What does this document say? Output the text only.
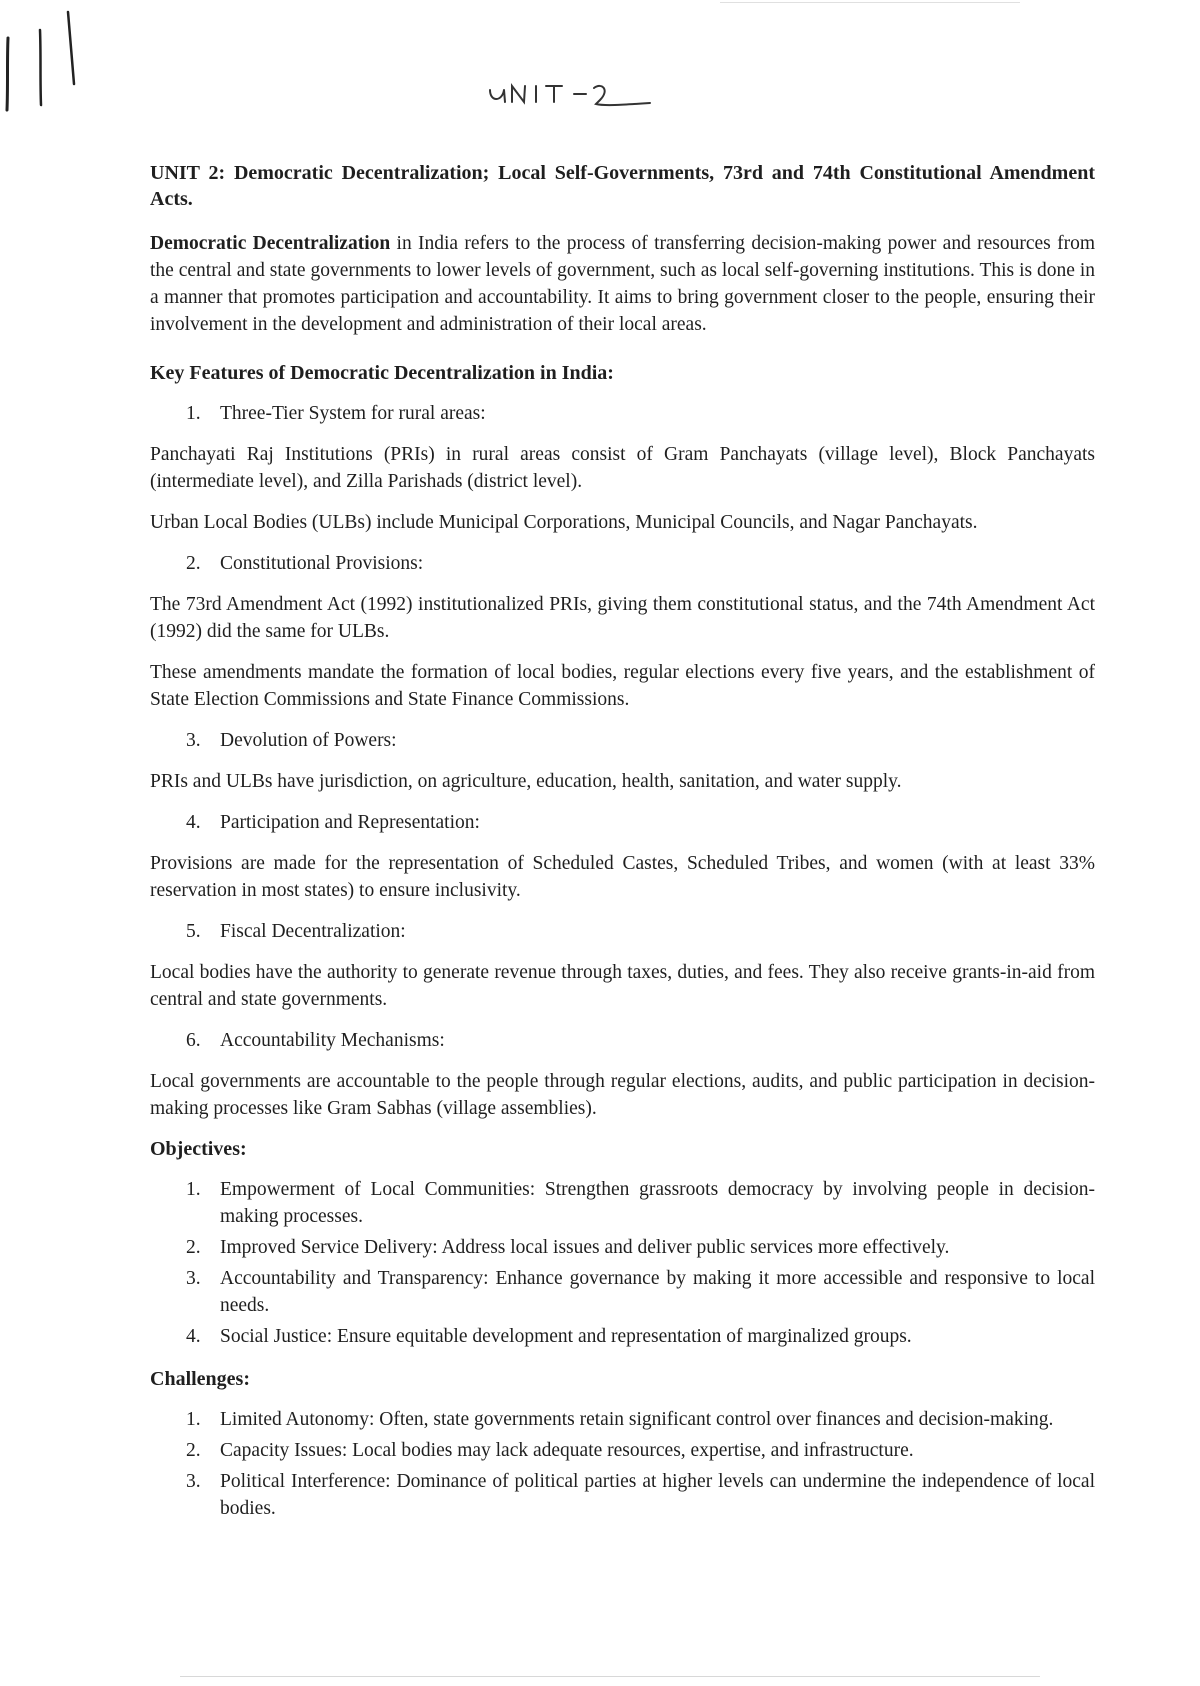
UNIT 2: Democratic Decentralization; Local Self-Governments, 73rd and 74th Constitutional Amendment Acts.

Democratic Decentralization in India refers to the process of transferring decision-making power and resources from the central and state governments to lower levels of government, such as local self-governing institutions. This is done in a manner that promotes participation and accountability. It aims to bring government closer to the people, ensuring their involvement in the development and administration of their local areas.

Key Features of Democratic Decentralization in India:
1. Three-Tier System for rural areas:

Panchayati Raj Institutions (PRIs) in rural areas consist of Gram Panchayats (village level), Block Panchayats (intermediate level), and Zilla Parishads (district level).

Urban Local Bodies (ULBs) include Municipal Corporations, Municipal Councils, and Nagar Panchayats.

2. Constitutional Provisions:

The 73rd Amendment Act (1992) institutionalized PRIs, giving them constitutional status, and the 74th Amendment Act (1992) did the same for ULBs.

These amendments mandate the formation of local bodies, regular elections every five years, and the establishment of State Election Commissions and State Finance Commissions.

3. Devolution of Powers:

PRIs and ULBs have jurisdiction, on agriculture, education, health, sanitation, and water supply.

4. Participation and Representation:

Provisions are made for the representation of Scheduled Castes, Scheduled Tribes, and women (with at least 33% reservation in most states) to ensure inclusivity.

5. Fiscal Decentralization:

Local bodies have the authority to generate revenue through taxes, duties, and fees. They also receive grants-in-aid from central and state governments.

6. Accountability Mechanisms:

Local governments are accountable to the people through regular elections, audits, and public participation in decision-making processes like Gram Sabhas (village assemblies).

Objectives:
1. Empowerment of Local Communities: Strengthen grassroots democracy by involving people in decision-making processes.
2. Improved Service Delivery: Address local issues and deliver public services more effectively.
3. Accountability and Transparency: Enhance governance by making it more accessible and responsive to local needs.
4. Social Justice: Ensure equitable development and representation of marginalized groups.
Challenges:
1. Limited Autonomy: Often, state governments retain significant control over finances and decision-making.
2. Capacity Issues: Local bodies may lack adequate resources, expertise, and infrastructure.
3. Political Interference: Dominance of political parties at higher levels can undermine the independence of local bodies.
